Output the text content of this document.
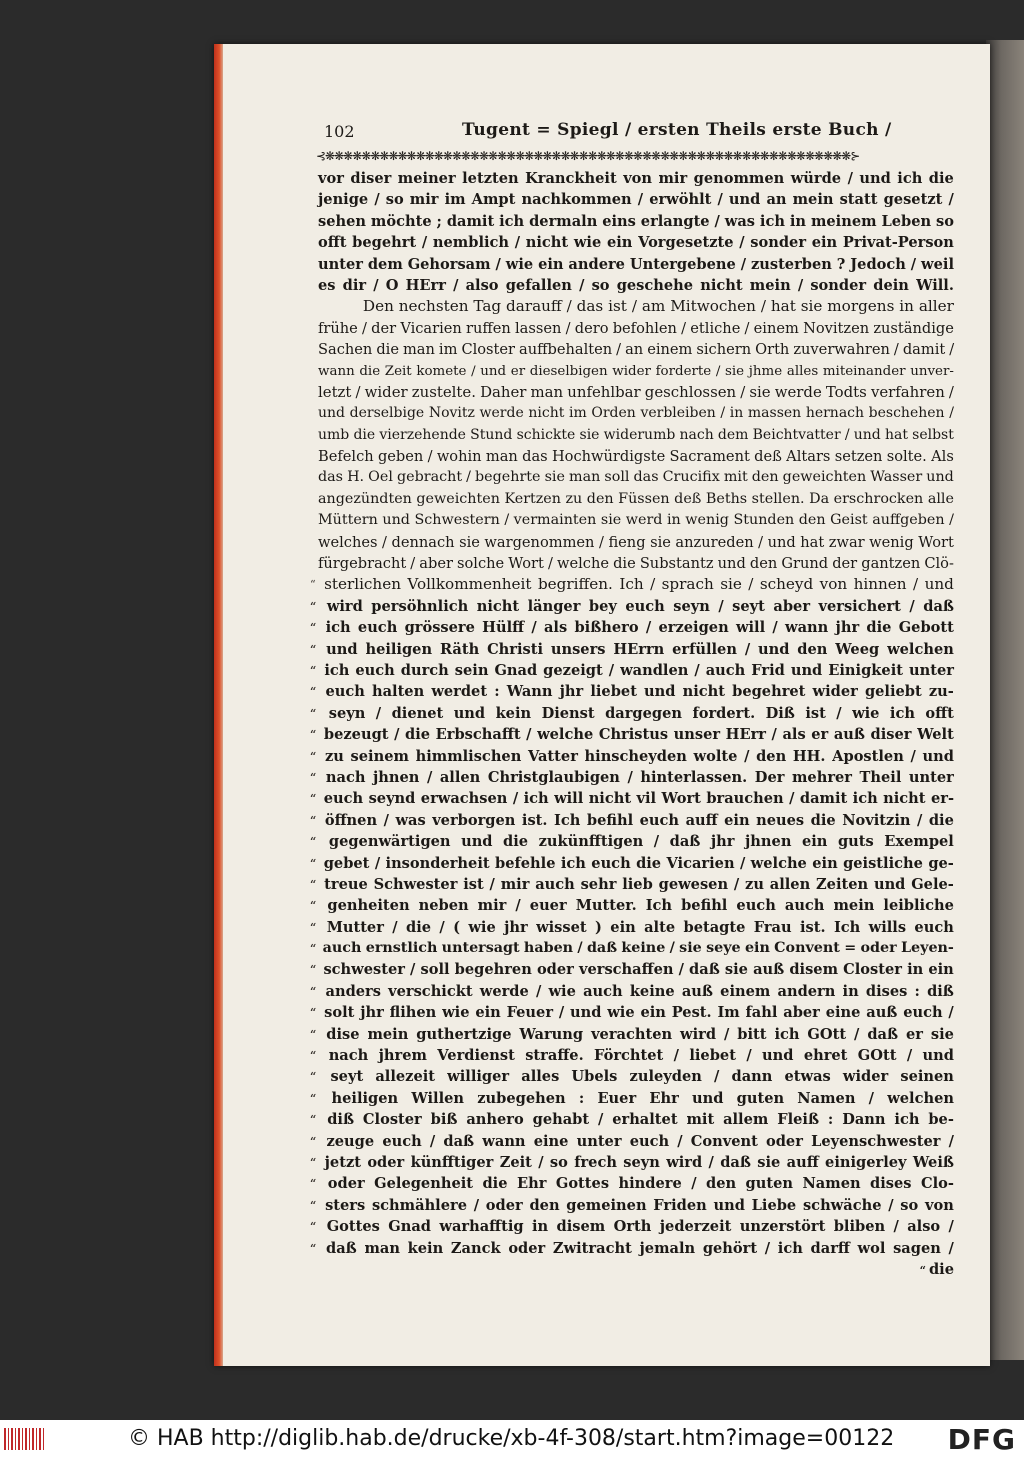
102	Tugent = Spiegl / ersten Theils erste Buch /
⊰❋❋❋❋❋❋❋❋❋❋❋❋❋❋❋❋❋❋❋❋❋❋❋❋❋❋❋❋❋❋❋❋❋❋❋❋❋❋❋❋❋❋❋❋❋❋❋❋❋❋❋❋❋❋❋❋❋❋⊱
vor diser meiner letzten Kranckheit von mir genommen würde / und ich die
jenige / so mir im Ampt nachkommen / erwöhlt / und an mein statt gesetzt /
sehen möchte ; damit ich dermaln eins erlangte / was ich in meinem Leben so
offt begehrt / nemblich / nicht wie ein Vorgesetzte / sonder ein Privat-Person
unter dem Gehorsam / wie ein andere Untergebene / zusterben ? Jedoch / weil
es dir / O HErr / also gefallen / so geschehe nicht mein / sonder dein Will.
Den nechsten Tag darauff / das ist / am Mitwochen / hat sie morgens in aller
frühe / der Vicarien ruffen lassen / dero befohlen / etliche / einem Novitzen zuständige
Sachen die man im Closter auffbehalten / an einem sichern Orth zuverwahren / damit /
wann die Zeit komete / und er dieselbigen wider forderte / sie jhme alles miteinander unver-
letzt / wider zustelte. Daher man unfehlbar geschlossen / sie werde Todts verfahren /
und derselbige Novitz werde nicht im Orden verbleiben / in massen hernach beschehen /
umb die vierzehende Stund schickte sie widerumb nach dem Beichtvatter / und hat selbst
Befelch geben / wohin man das Hochwürdigste Sacrament deß Altars setzen solte. Als
das H. Oel gebracht / begehrte sie man soll das Crucifix mit den geweichten Wasser und
angezündten geweichten Kertzen zu den Füssen deß Beths stellen. Da erschrocken alle
Müttern und Schwestern / vermainten sie werd in wenig Stunden den Geist auffgeben /
welches / dennach sie wargenommen / fieng sie anzureden / und hat zwar wenig Wort
fürgebracht / aber solche Wort / welche die Substantz und den Grund der gantzen Clö-
“ sterlichen Vollkommenheit begriffen. Ich / sprach sie / scheyd von hinnen / und
“ wird persöhnlich nicht länger bey euch seyn / seyt aber versichert / daß
“ ich euch grössere Hülff / als bißhero / erzeigen will / wann jhr die Gebott
“ und heiligen Räth Christi unsers HErrn erfüllen / und den Weeg welchen
“ ich euch durch sein Gnad gezeigt / wandlen / auch Frid und Einigkeit unter
“ euch halten werdet : Wann jhr liebet und nicht begehret wider geliebt zu-
“ seyn / dienet und kein Dienst dargegen fordert. Diß ist / wie ich offt
“ bezeugt / die Erbschafft / welche Christus unser HErr / als er auß diser Welt
“ zu seinem himmlischen Vatter hinscheyden wolte / den HH. Apostlen / und
“ nach jhnen / allen Christglaubigen / hinterlassen. Der mehrer Theil unter
“ euch seynd erwachsen / ich will nicht vil Wort brauchen / damit ich nicht er-
“ öffnen / was verborgen ist. Ich befihl euch auff ein neues die Novitzin / die
“ gegenwärtigen und die zukünfftigen / daß jhr jhnen ein guts Exempel
“ gebet / insonderheit befehle ich euch die Vicarien / welche ein geistliche ge-
“ treue Schwester ist / mir auch sehr lieb gewesen / zu allen Zeiten und Gele-
“ genheiten neben mir / euer Mutter. Ich befihl euch auch mein leibliche
“ Mutter / die / ( wie jhr wisset ) ein alte betagte Frau ist. Ich wills euch
“ auch ernstlich untersagt haben / daß keine / sie seye ein Convent = oder Leyen-
“ schwester / soll begehren oder verschaffen / daß sie auß disem Closter in ein
“ anders verschickt werde / wie auch keine auß einem andern in dises : diß
“ solt jhr flihen wie ein Feuer / und wie ein Pest. Im fahl aber eine auß euch /
“ dise mein guthertzige Warung verachten wird / bitt ich GOtt / daß er sie
“ nach jhrem Verdienst straffe. Förchtet / liebet / und ehret GOtt / und
“ seyt allezeit williger alles Ubels zuleyden / dann etwas wider seinen
“ heiligen Willen zubegehen : Euer Ehr und guten Namen / welchen
“ diß Closter biß anhero gehabt / erhaltet mit allem Fleiß : Dann ich be-
“ zeuge euch / daß wann eine unter euch / Convent oder Leyenschwester /
“ jetzt oder künfftiger Zeit / so frech seyn wird / daß sie auff einigerley Weiß
“ oder Gelegenheit die Ehr Gottes hindere / den guten Namen dises Clo-
“ sters schmählere / oder den gemeinen Friden und Liebe schwäche / so von
“ Gottes Gnad warhafftig in disem Orth jederzeit unzerstört bliben / also /
“ daß man kein Zanck oder Zwitracht jemaln gehört / ich darff wol sagen /
“ die
© HAB http://diglib.hab.de/drucke/xb-4f-308/start.htm?image=00122 DFG
